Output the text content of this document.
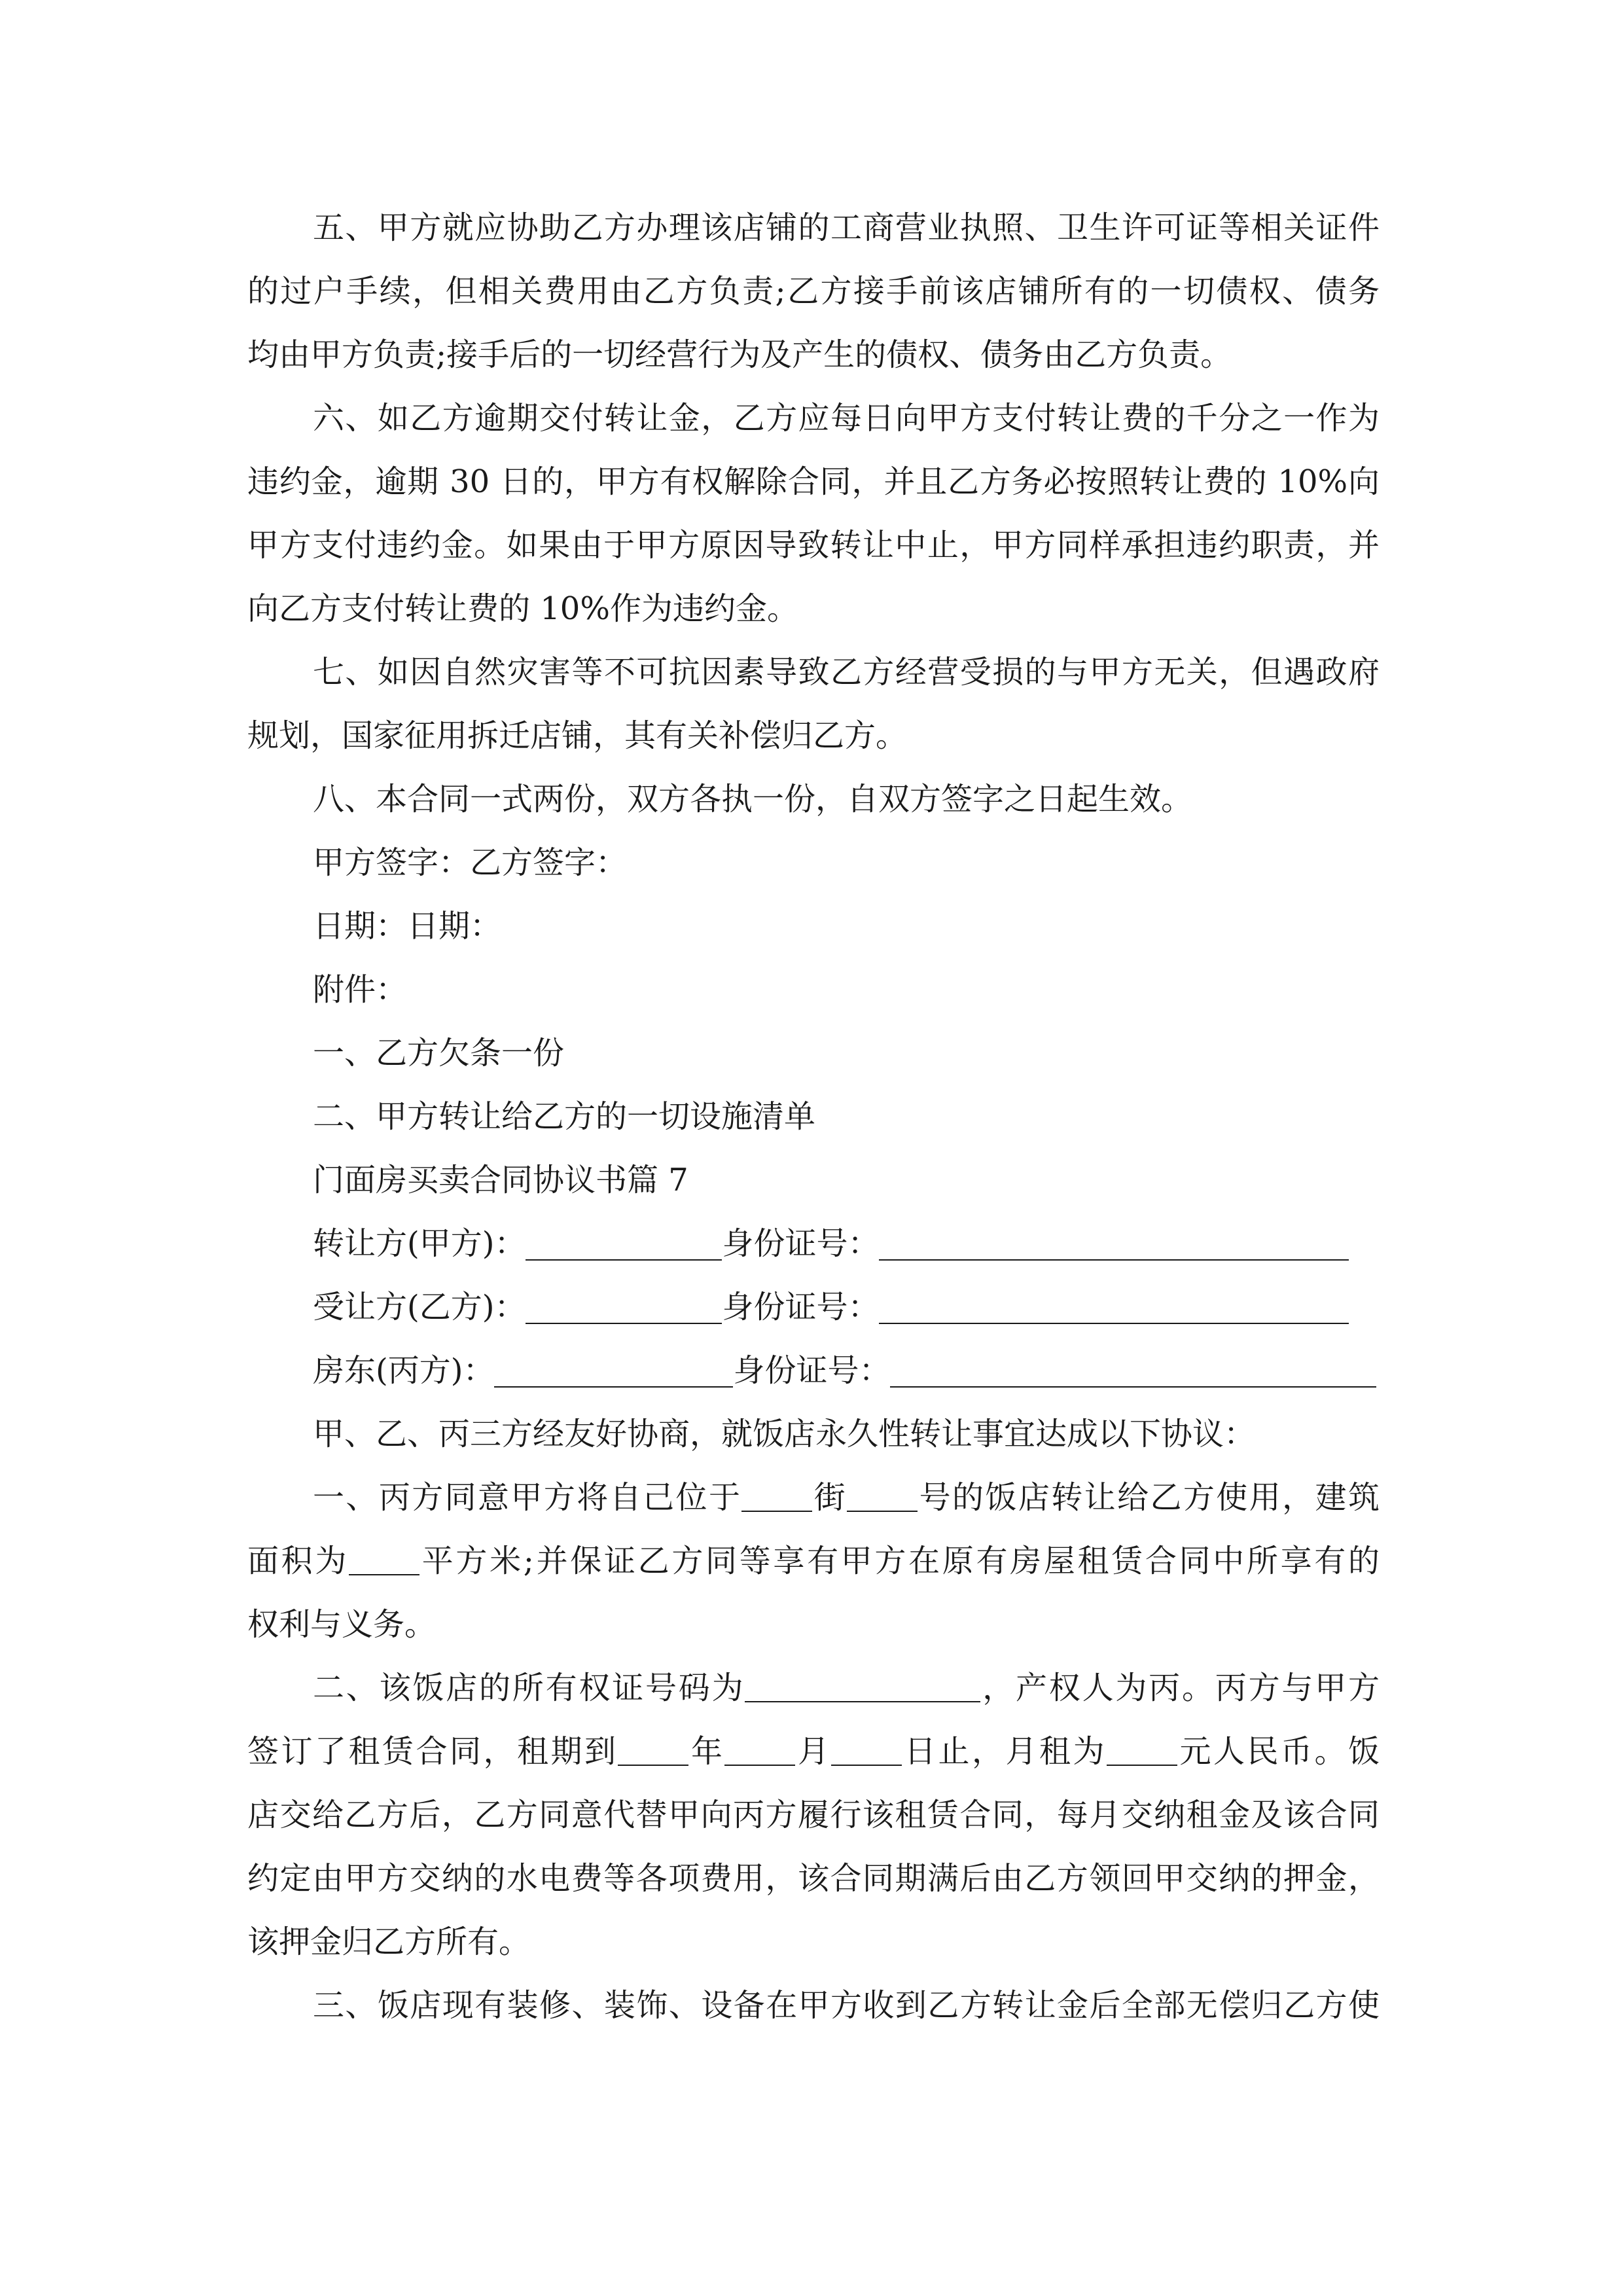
五、甲方就应协助乙方办理该店铺的工商营业执照、卫生许可证等相关证件
的过户手续，但相关费用由乙方负责;乙方接手前该店铺所有的一切债权、债务
均由甲方负责;接手后的一切经营行为及产生的债权、债务由乙方负责。
六、如乙方逾期交付转让金，乙方应每日向甲方支付转让费的千分之一作为
违约金，逾期 30 日的，甲方有权解除合同，并且乙方务必按照转让费的 10%向
甲方支付违约金。如果由于甲方原因导致转让中止，甲方同样承担违约职责，并
向乙方支付转让费的 10%作为违约金。
七、如因自然灾害等不可抗因素导致乙方经营受损的与甲方无关，但遇政府
规划，国家征用拆迁店铺，其有关补偿归乙方。
八、本合同一式两份，双方各执一份，自双方签字之日起生效。
甲方签字：乙方签字：
日期：日期：
附件：
一、乙方欠条一份
二、甲方转让给乙方的一切设施清单
门面房买卖合同协议书篇 7
转让方(甲方)：	身份证号：
受让方(乙方)：	身份证号：
房东(丙方)：	身份证号：
甲、乙、丙三方经友好协商，就饭店永久性转让事宜达成以下协议：
一、丙方同意甲方将自己位于 街 号的饭店转让给乙方使用，建筑
面积为 平方米;并保证乙方同等享有甲方在原有房屋租赁合同中所享有的
权利与义务。
二、该饭店的所有权证号码为	，产权人为丙。丙方与甲方
签订了租赁合同，租期到 年 月 日止，月租为 元人民币。饭
店交给乙方后，乙方同意代替甲向丙方履行该租赁合同，每月交纳租金及该合同
约定由甲方交纳的水电费等各项费用，该合同期满后由乙方领回甲交纳的押金，
该押金归乙方所有。
三、饭店现有装修、装饰、设备在甲方收到乙方转让金后全部无偿归乙方使
